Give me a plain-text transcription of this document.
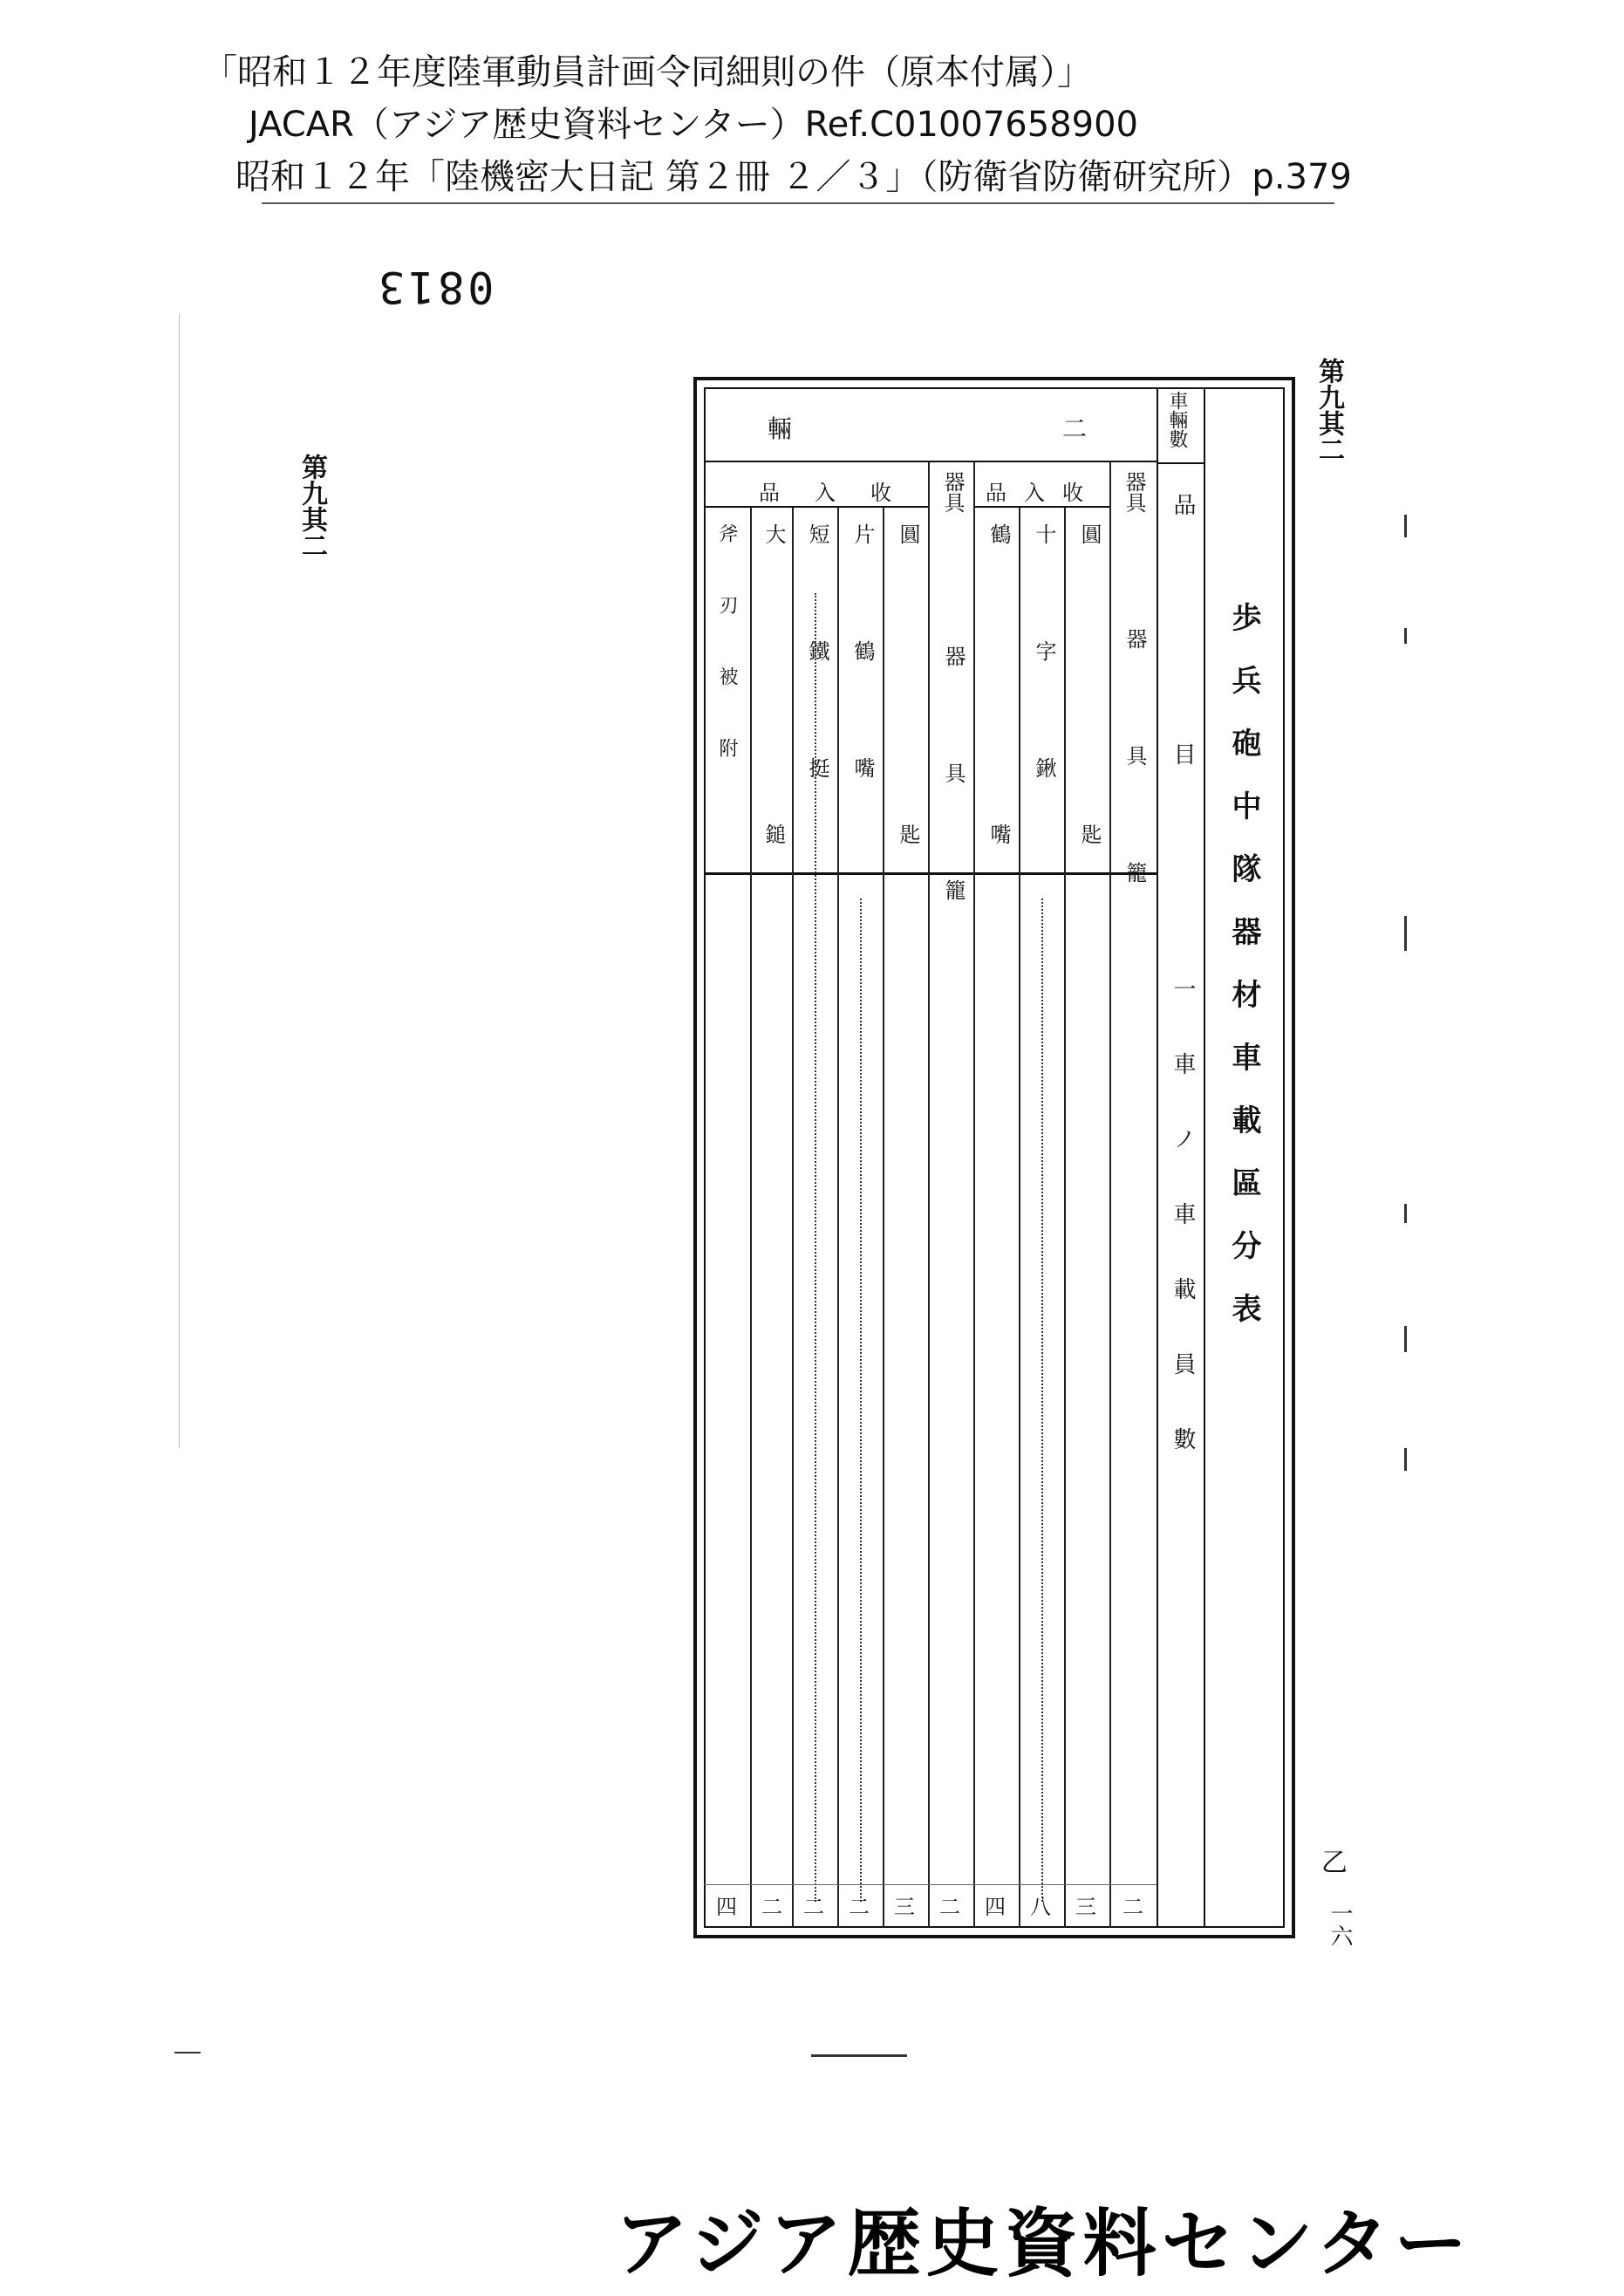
「昭和１２年度陸軍動員計画令同細則の件（原本付属）」
JACAR（アジア歴史資料センター）Ref.C01007658900
昭和１２年「陸機密大日記 第２冊 ２／３」（防衛省防衛研究所）p.379
0813
第九其二
第九其二
歩兵砲中隊器材車載區分表
車輛數
品目
一車ノ車載員數
二
輛
器具
收入品
器具
收入品
器具籠
圓匙
十字鍬
鶴嘴
器具籠
圓匙
片鶴嘴
短鐵挺
大鎚
斧刃被附
二
三
八
四
二
三
二
二
二
四
乙
一六
アジア歴史資料センター
